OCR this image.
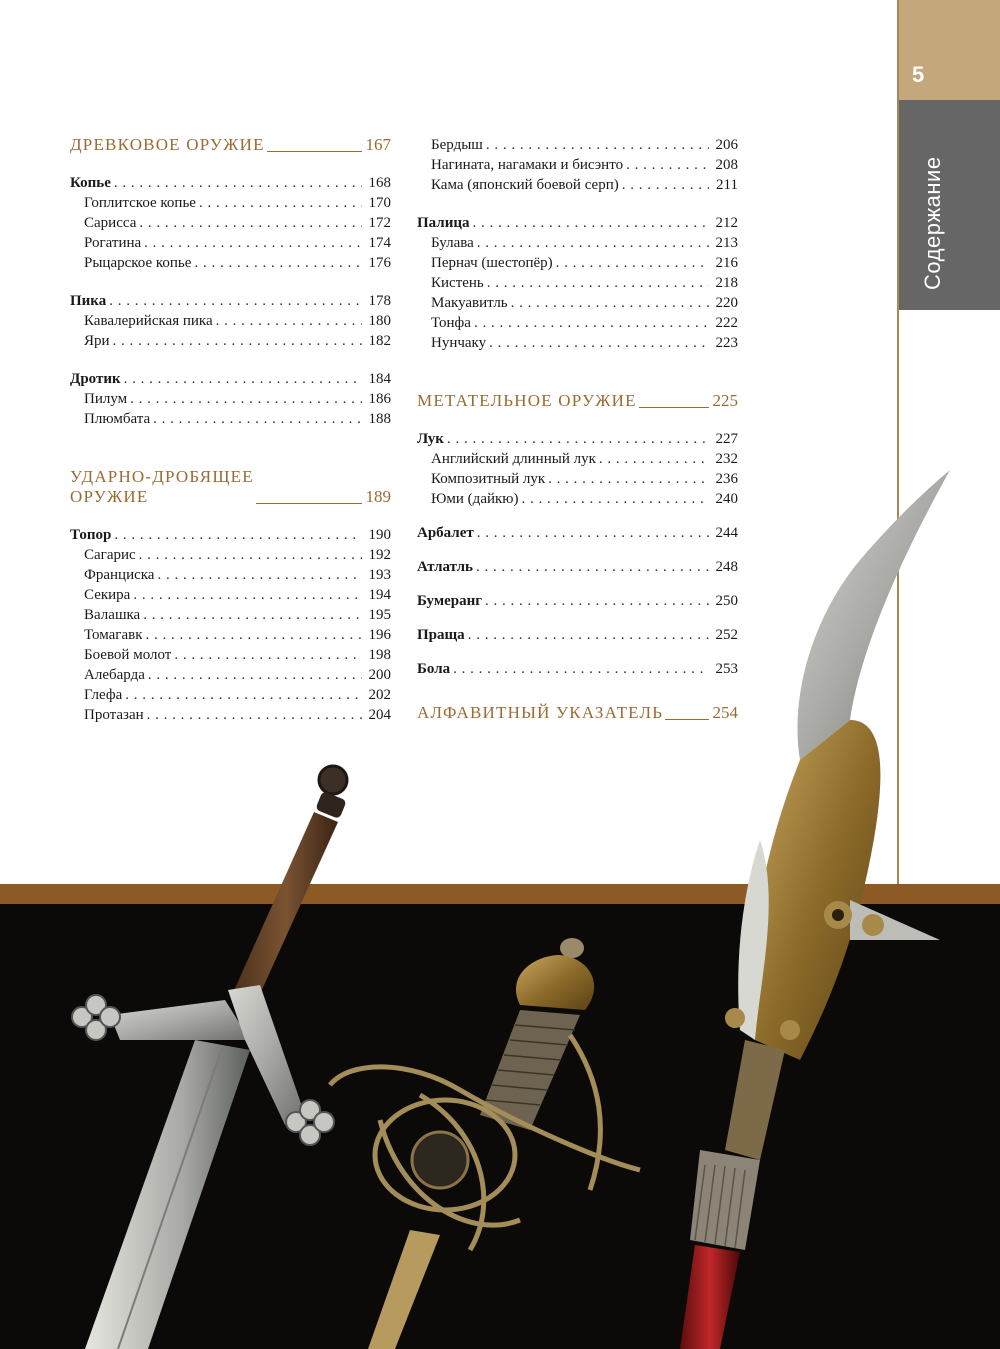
5
Содержание
ДРЕВКОВОЕ ОРУЖИЕ	167
Копье . . .	168
Гоплитское копье . . .	170
Сарисса . . .	172
Рогатина . . .	174
Рыцарское копье . . .	176
Пика . . .	178
Кавалерийская пика . . .	180
Яри . . .	182
Дротик . . .	184
Пилум . . .	186
Плюмбата . . .	188
УДАРНО-ДРОБЯЩЕЕ
ОРУЖИЕ	189
Топор . . .	190
Сагарис . . .	192
Франциска . . .	193
Секира . . .	194
Валашка . . .	195
Томагавк . . .	196
Боевой молот . . .	198
Алебарда . . .	200
Глефа . . .	202
Протазан . . .	204
Бердыш . . .	206
Нагината, нагамаки и бисэнто . . .	208
Кама (японский боевой серп) . . .	211
Палица . . .	212
Булава . . .	213
Пернач (шестопёр) . . .	216
Кистень . . .	218
Макуавитль . . .	220
Тонфа . . .	222
Нунчаку . . .	223
МЕТАТЕЛЬНОЕ ОРУЖИЕ	225
Лук . . .	227
Английский длинный лук . . .	232
Композитный лук . . .	236
Юми (дайкю) . . .	240
Арбалет . . .	244
Атлатль . . .	248
Бумеранг . . .	250
Праща . . .	252
Бола . . .	253
АЛФАВИТНЫЙ УКАЗАТЕЛЬ	254
